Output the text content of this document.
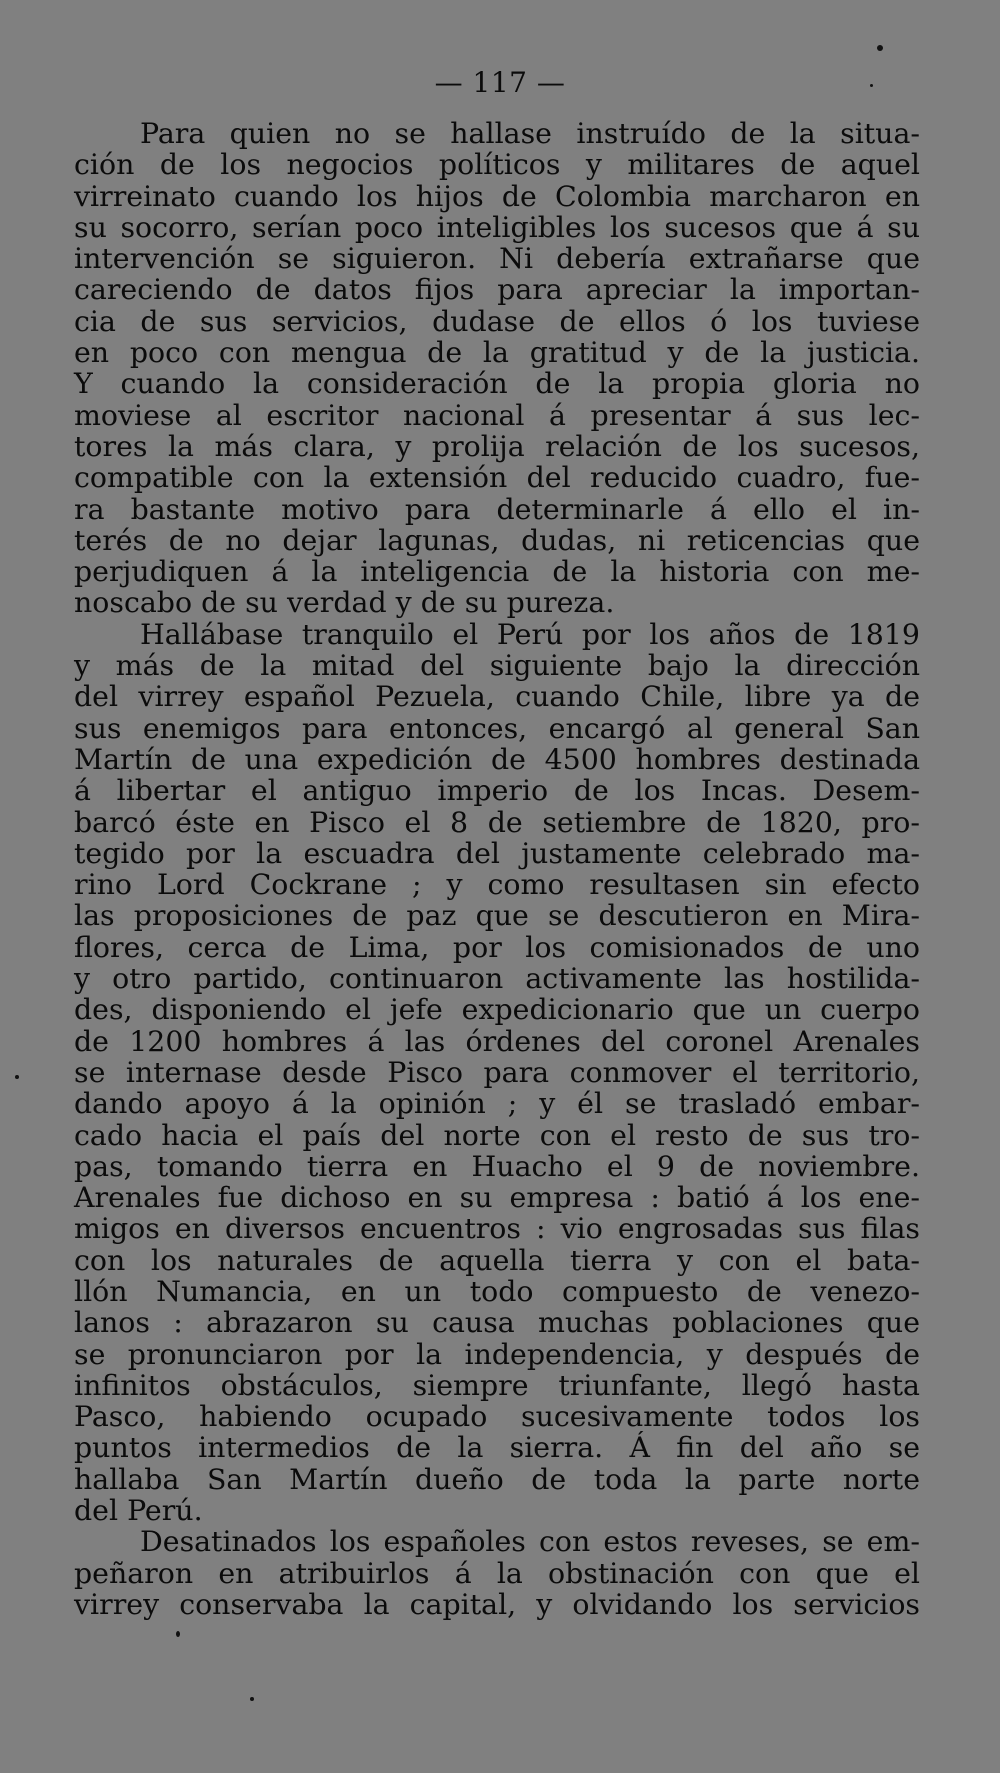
— 117 —
Para quien no se hallase instruído de la situa-
ción de los negocios políticos y militares de aquel
virreinato cuando los hijos de Colombia marcharon en
su socorro, serían poco inteligibles los sucesos que á su
intervención se siguieron. Ni debería extrañarse que
careciendo de datos fijos para apreciar la importan-
cia de sus servicios, dudase de ellos ó los tuviese
en poco con mengua de la gratitud y de la justicia.
Y cuando la consideración de la propia gloria no
moviese al escritor nacional á presentar á sus lec-
tores la más clara, y prolija relación de los sucesos,
compatible con la extensión del reducido cuadro, fue-
ra bastante motivo para determinarle á ello el in-
terés de no dejar lagunas, dudas, ni reticencias que
perjudiquen á la inteligencia de la historia con me-
noscabo de su verdad y de su pureza.
Hallábase tranquilo el Perú por los años de 1819
y más de la mitad del siguiente bajo la dirección
del virrey español Pezuela, cuando Chile, libre ya de
sus enemigos para entonces, encargó al general San
Martín de una expedición de 4500 hombres destinada
á libertar el antiguo imperio de los Incas. Desem-
barcó éste en Pisco el 8 de setiembre de 1820, pro-
tegido por la escuadra del justamente celebrado ma-
rino Lord Cockrane ; y como resultasen sin efecto
las proposiciones de paz que se descutieron en Mira-
flores, cerca de Lima, por los comisionados de uno
y otro partido, continuaron activamente las hostilida-
des, disponiendo el jefe expedicionario que un cuerpo
de 1200 hombres á las órdenes del coronel Arenales
se internase desde Pisco para conmover el territorio,
dando apoyo á la opinión ; y él se trasladó embar-
cado hacia el país del norte con el resto de sus tro-
pas, tomando tierra en Huacho el 9 de noviembre.
Arenales fue dichoso en su empresa : batió á los ene-
migos en diversos encuentros : vio engrosadas sus filas
con los naturales de aquella tierra y con el bata-
llón Numancia, en un todo compuesto de venezo-
lanos : abrazaron su causa muchas poblaciones que
se pronunciaron por la independencia, y después de
infinitos obstáculos, siempre triunfante, llegó hasta
Pasco, habiendo ocupado sucesivamente todos los
puntos intermedios de la sierra. Á fin del año se
hallaba San Martín dueño de toda la parte norte
del Perú.
Desatinados los españoles con estos reveses, se em-
peñaron en atribuirlos á la obstinación con que el
virrey conservaba la capital, y olvidando los servicios
